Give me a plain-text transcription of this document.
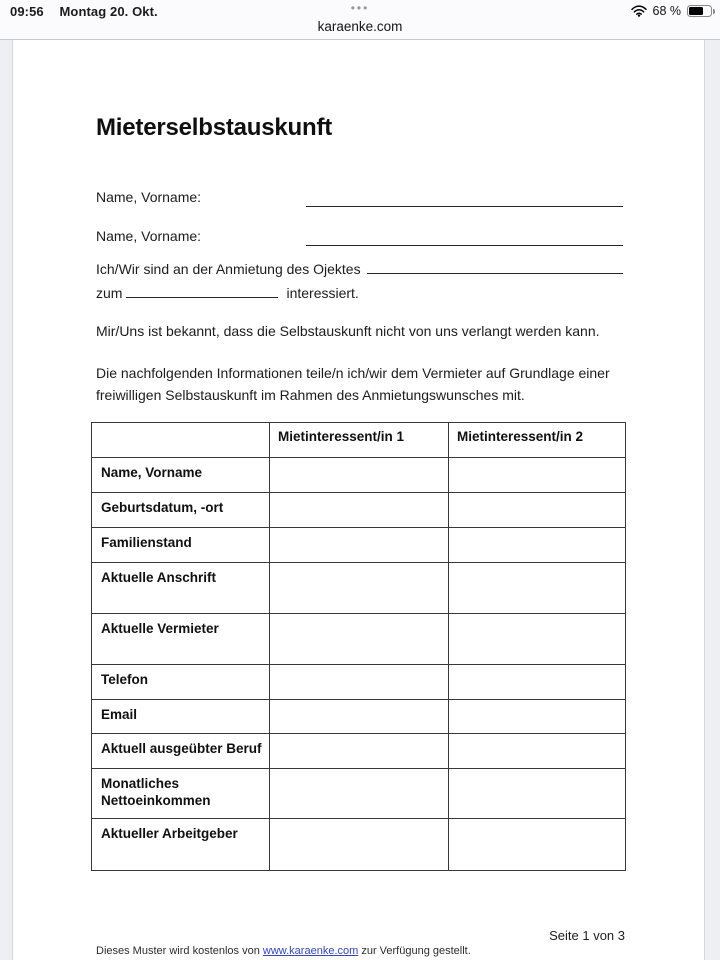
09:56 Montag 20. Okt.	•••
karaenke.com
68 %
Mieterselbstauskunft
Name, Vorname:
Name, Vorname:
Ich/Wir sind an der Anmietung des Ojektes
zum	interessiert.
Mir/Uns ist bekannt, dass die Selbstauskunft nicht von uns verlangt werden kann.
Die nachfolgenden Informationen teile/n ich/wir dem Vermieter auf Grundlage einer
freiwilligen Selbstauskunft im Rahmen des Anmietungswunsches mit.
	Mietinteressent/in 1	Mietinteressent/in 2
Name, Vorname		
Geburtsdatum, -ort		
Familienstand		
Aktuelle Anschrift		
Aktuelle Vermieter		
Telefon		
Email		
Aktuell ausgeübter Beruf		
Monatliches Nettoeinkommen		
Aktueller Arbeitgeber		
Seite 1 von 3
Dieses Muster wird kostenlos von www.karaenke.com zur Verfügung gestellt.
